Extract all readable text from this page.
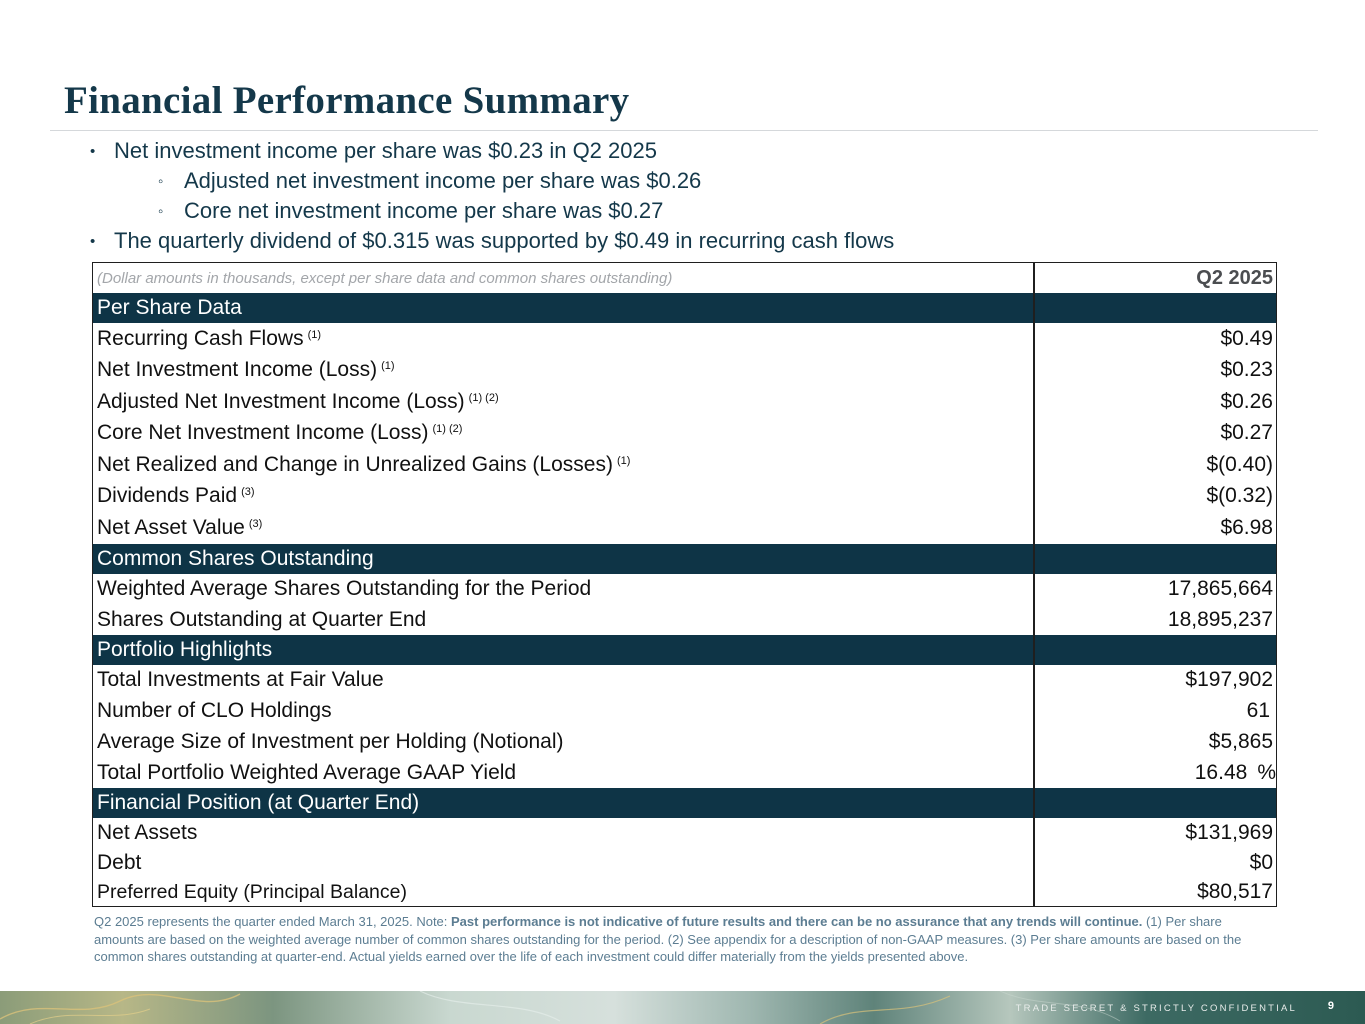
Financial Performance Summary
• Net investment income per share was $0.23 in Q2 2025
◦ Adjusted net investment income per share was $0.26
◦ Core net investment income per share was $0.27
• The quarterly dividend of $0.315 was supported by $0.49 in recurring cash flows
(Dollar amounts in thousands, except per share data and common shares outstanding)	Q2 2025
Per Share Data
Recurring Cash Flows $^{(1)}$	$0.49
Net Investment Income (Loss) $^{(1)}$	$0.23
Adjusted Net Investment Income (Loss) $^{(1) (2)}$	$0.26
Core Net Investment Income (Loss) $^{(1) (2)}$	$0.27
Net Realized and Change in Unrealized Gains (Losses) $^{(1)}$	$(0.40)
Dividends Paid $^{(3)}$	$(0.32)
Net Asset Value $^{(3)}$	$6.98
Common Shares Outstanding
Weighted Average Shares Outstanding for the Period	17,865,664
Shares Outstanding at Quarter End	18,895,237
Portfolio Highlights
Total Investments at Fair Value	$197,902
Number of CLO Holdings	61
Average Size of Investment per Holding (Notional)	$5,865
Total Portfolio Weighted Average GAAP Yield	16.48 %
Financial Position (at Quarter End)
Net Assets	$131,969
Debt	$0
Preferred Equity (Principal Balance)	$80,517
Q2 2025 represents the quarter ended March 31, 2025. Note: Past performance is not indicative of future results and there can be no assurance that any trends will continue. (1) Per share amounts are based on the weighted average number of common shares outstanding for the period. (2) See appendix for a description of non-GAAP measures. (3) Per share amounts are based on the common shares outstanding at quarter-end. Actual yields earned over the life of each investment could differ materially from the yields presented above.
TRADE SECRET & STRICTLY CONFIDENTIAL	9
